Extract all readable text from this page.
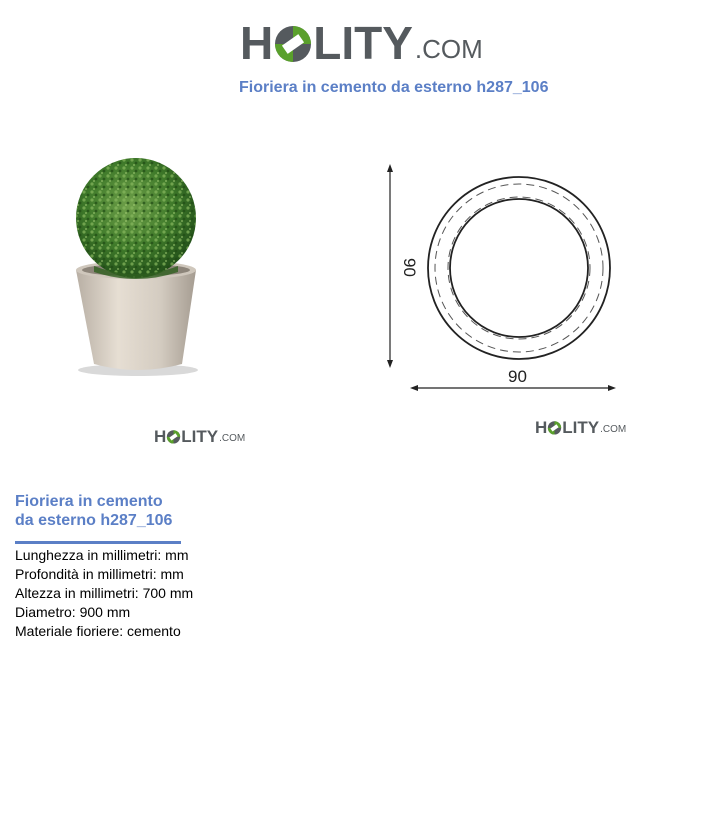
H LITY .COM
Fioriera in cemento da esterno h287_106
90
90
H LITY .COM
H LITY .COM
Fioriera in cemento
da esterno h287_106
Lunghezza in millimetri: mm
Profondità in millimetri: mm
Altezza in millimetri: 700 mm
Diametro: 900 mm
Materiale fioriere: cemento
